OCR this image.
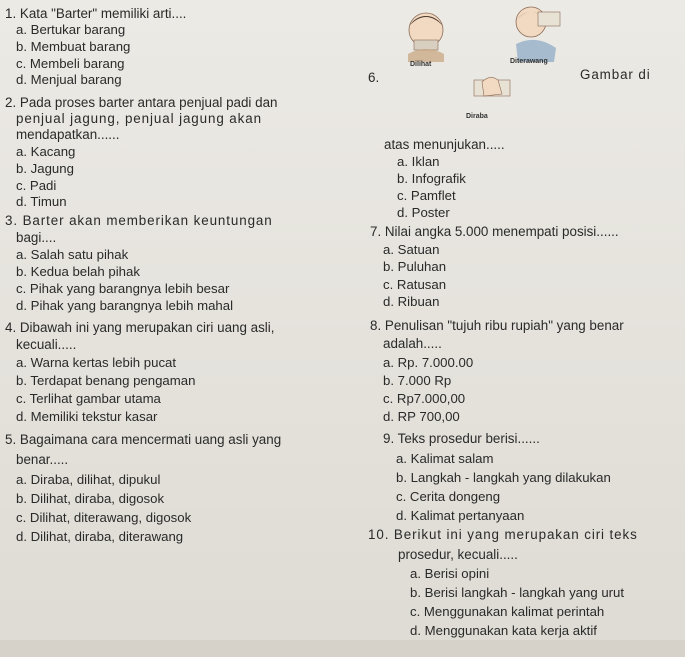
1. Kata "Barter" memiliki arti....
a. Bertukar barang
b. Membuat barang
c. Membeli barang
d. Menjual barang
2. Pada proses barter antara penjual padi dan
penjual jagung, penjual jagung akan
mendapatkan......
a. Kacang
b. Jagung
c. Padi
d. Timun
3. Barter akan memberikan keuntungan
bagi....
a. Salah satu pihak
b. Kedua belah pihak
c. Pihak yang barangnya lebih besar
d. Pihak yang barangnya lebih mahal
4. Dibawah ini yang merupakan ciri uang asli,
kecuali.....
a. Warna kertas lebih pucat
b. Terdapat benang pengaman
c. Terlihat gambar utama
d. Memiliki tekstur kasar
5. Bagaimana cara mencermati uang asli yang
benar.....
a. Diraba, dilihat, dipukul
b. Dilihat, diraba, digosok
c. Dilihat, diterawang, digosok
d. Dilihat, diraba, diterawang
6.
Dilihat	Diterawang
Diraba
Gambar di
atas menunjukan.....
a. Iklan
b. Infografik
c. Pamflet
d. Poster
7. Nilai angka 5.000 menempati posisi......
a. Satuan
b. Puluhan
c. Ratusan
d. Ribuan
8. Penulisan "tujuh ribu rupiah" yang benar
adalah.....
a. Rp. 7.000.00
b. 7.000 Rp
c. Rp7.000,00
d. RP 700,00
9. Teks prosedur berisi......
a. Kalimat salam
b. Langkah - langkah yang dilakukan
c. Cerita dongeng
d. Kalimat pertanyaan
10. Berikut ini yang merupakan ciri teks
prosedur, kecuali.....
a. Berisi opini
b. Berisi langkah - langkah yang urut
c. Menggunakan kalimat perintah
d. Menggunakan kata kerja aktif
